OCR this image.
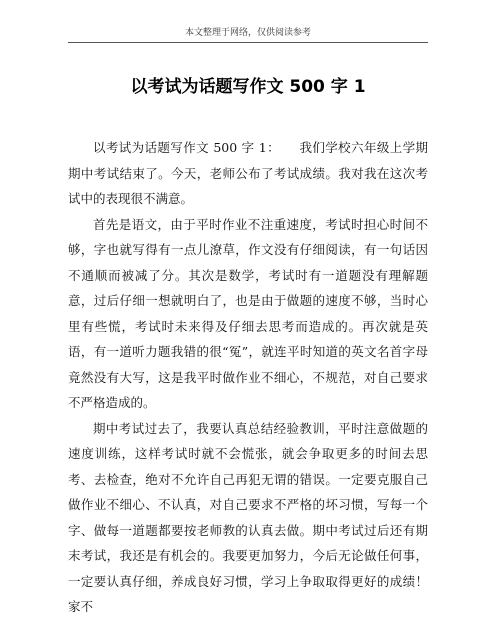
本文整理于网络，仅供阅读参考
以考试为话题写作文 500 字 1

以考试为话题写作文 500 字 1：　　我们学校六年级上学期期中考试结束了。今天，老师公布了考试成绩。我对我在这次考试中的表现很不满意。

首先是语文，由于平时作业不注重速度，考试时担心时间不够，字也就写得有一点儿潦草，作文没有仔细阅读，有一句话因不通顺而被减了分。其次是数学，考试时有一道题没有理解题意，过后仔细一想就明白了，也是由于做题的速度不够，当时心里有些慌，考试时未来得及仔细去思考而造成的。再次就是英语，有一道听力题我错的很“冤”，就连平时知道的英文名首字母竟然没有大写，这是我平时做作业不细心，不规范，对自己要求不严格造成的。

期中考试过去了，我要认真总结经验教训，平时注意做题的速度训练，这样考试时就不会慌张，就会争取更多的时间去思考、去检查，绝对不允许自己再犯无谓的错误。一定要克服自己做作业不细心、不认真，对自己要求不严格的坏习惯，写每一个字、做每一道题都要按老师教的认真去做。期中考试过后还有期末考试，我还是有机会的。我要更加努力，今后无论做任何事，一定要认真仔细，养成良好习惯，学习上争取取得更好的成绩！家不
